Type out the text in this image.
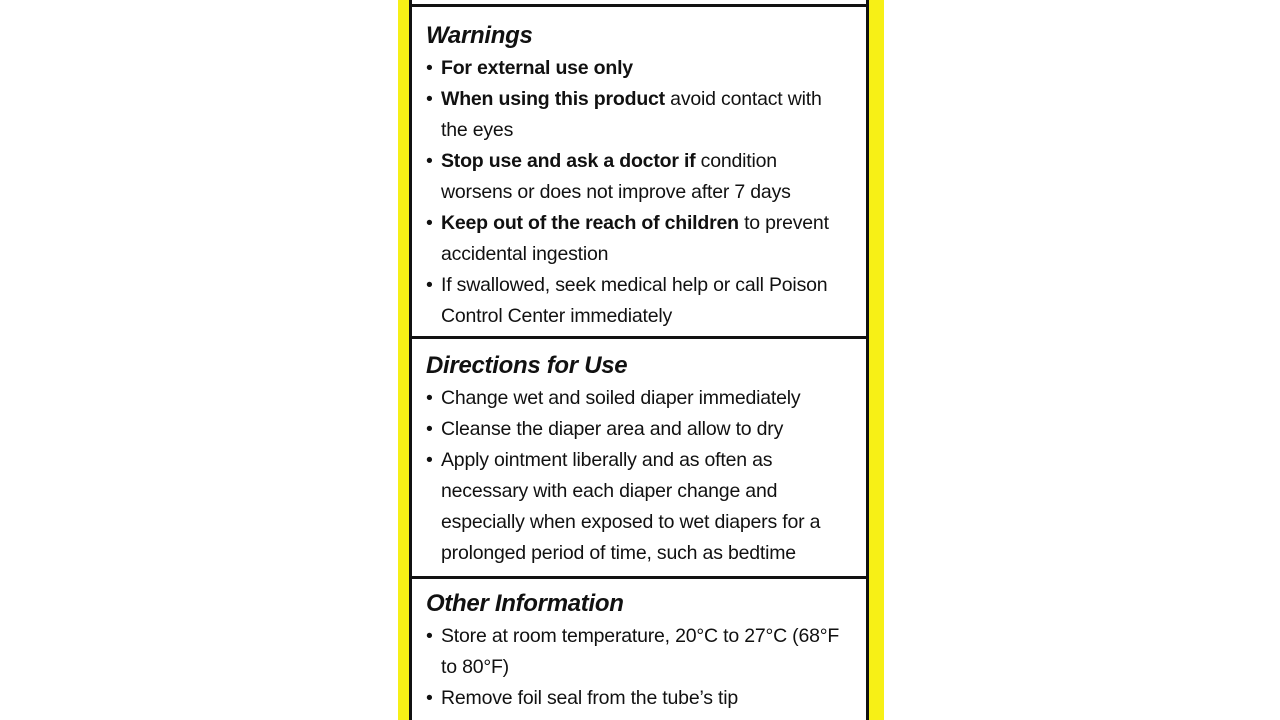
Warnings
• For external use only
• When using this product avoid contact with the eyes
• Stop use and ask a doctor if condition worsens or does not improve after 7 days
• Keep out of the reach of children to prevent accidental ingestion
• If swallowed, seek medical help or call Poison Control Center immediately
Directions for Use
• Change wet and soiled diaper immediately
• Cleanse the diaper area and allow to dry
• Apply ointment liberally and as often as necessary with each diaper change and especially when exposed to wet diapers for a prolonged period of time, such as bedtime
Other Information
• Store at room temperature, 20°C to 27°C (68°F to 80°F)
• Remove foil seal from the tube’s tip
